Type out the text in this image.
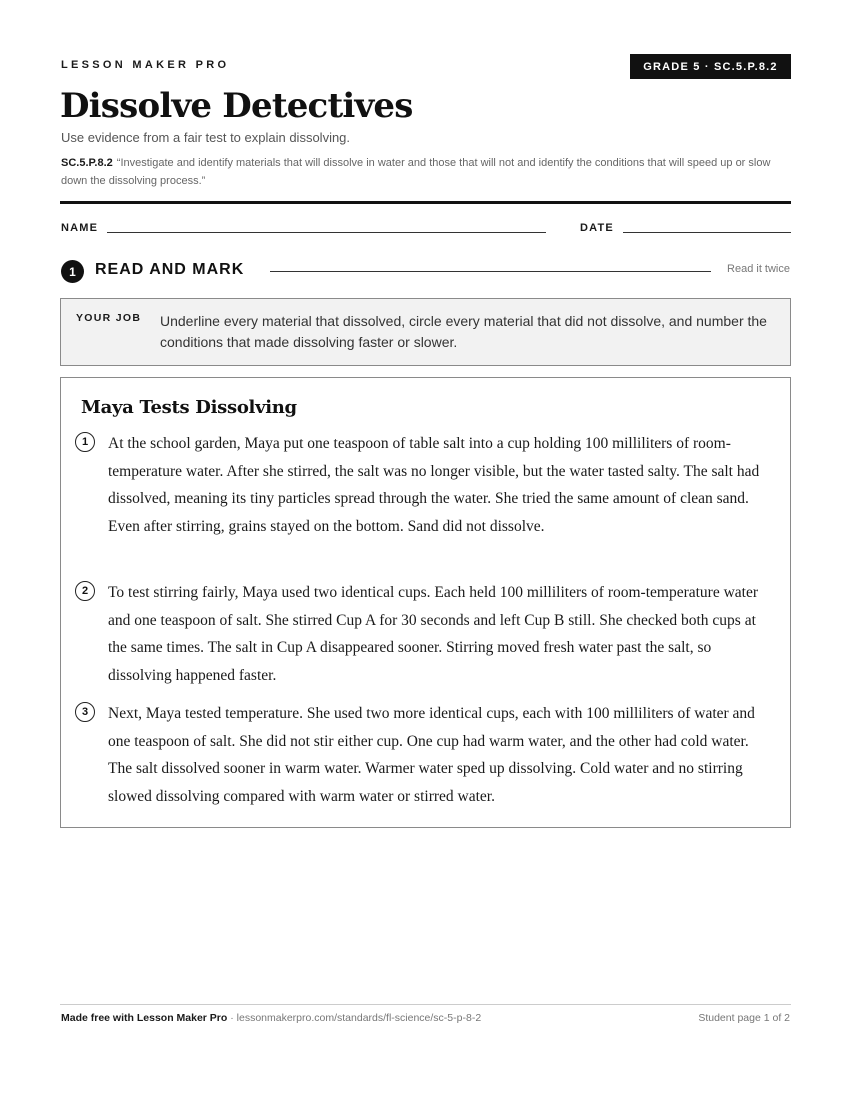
LESSON MAKER PRO	GRADE 5 · SC.5.P.8.2
Dissolve Detectives
Use evidence from a fair test to explain dissolving.
SC.5.P.8.2 “Investigate and identify materials that will dissolve in water and those that will not and identify the conditions that will speed up or slow down the dissolving process.”
NAME	DATE
1	READ AND MARK	Read it twice
YOUR JOB Underline every material that dissolved, circle every material that did not dissolve, and number the conditions that made dissolving faster or slower.
Maya Tests Dissolving
1	At the school garden, Maya put one teaspoon of table salt into a cup holding 100 milliliters of room-temperature water. After she stirred, the salt was no longer visible, but the water tasted salty. The salt had dissolved, meaning its tiny particles spread through the water. She tried the same amount of clean sand. Even after stirring, grains stayed on the bottom. Sand did not dissolve.
2	To test stirring fairly, Maya used two identical cups. Each held 100 milliliters of room-temperature water and one teaspoon of salt. She stirred Cup A for 30 seconds and left Cup B still. She checked both cups at the same times. The salt in Cup A disappeared sooner. Stirring moved fresh water past the salt, so dissolving happened faster.
3	Next, Maya tested temperature. She used two more identical cups, each with 100 milliliters of water and one teaspoon of salt. She did not stir either cup. One cup had warm water, and the other had cold water. The salt dissolved sooner in warm water. Warmer water sped up dissolving. Cold water and no stirring slowed dissolving compared with warm water or stirred water.
Made free with Lesson Maker Pro · lessonmakerpro.com/standards/fl-science/sc-5-p-8-2	Student page 1 of 2
